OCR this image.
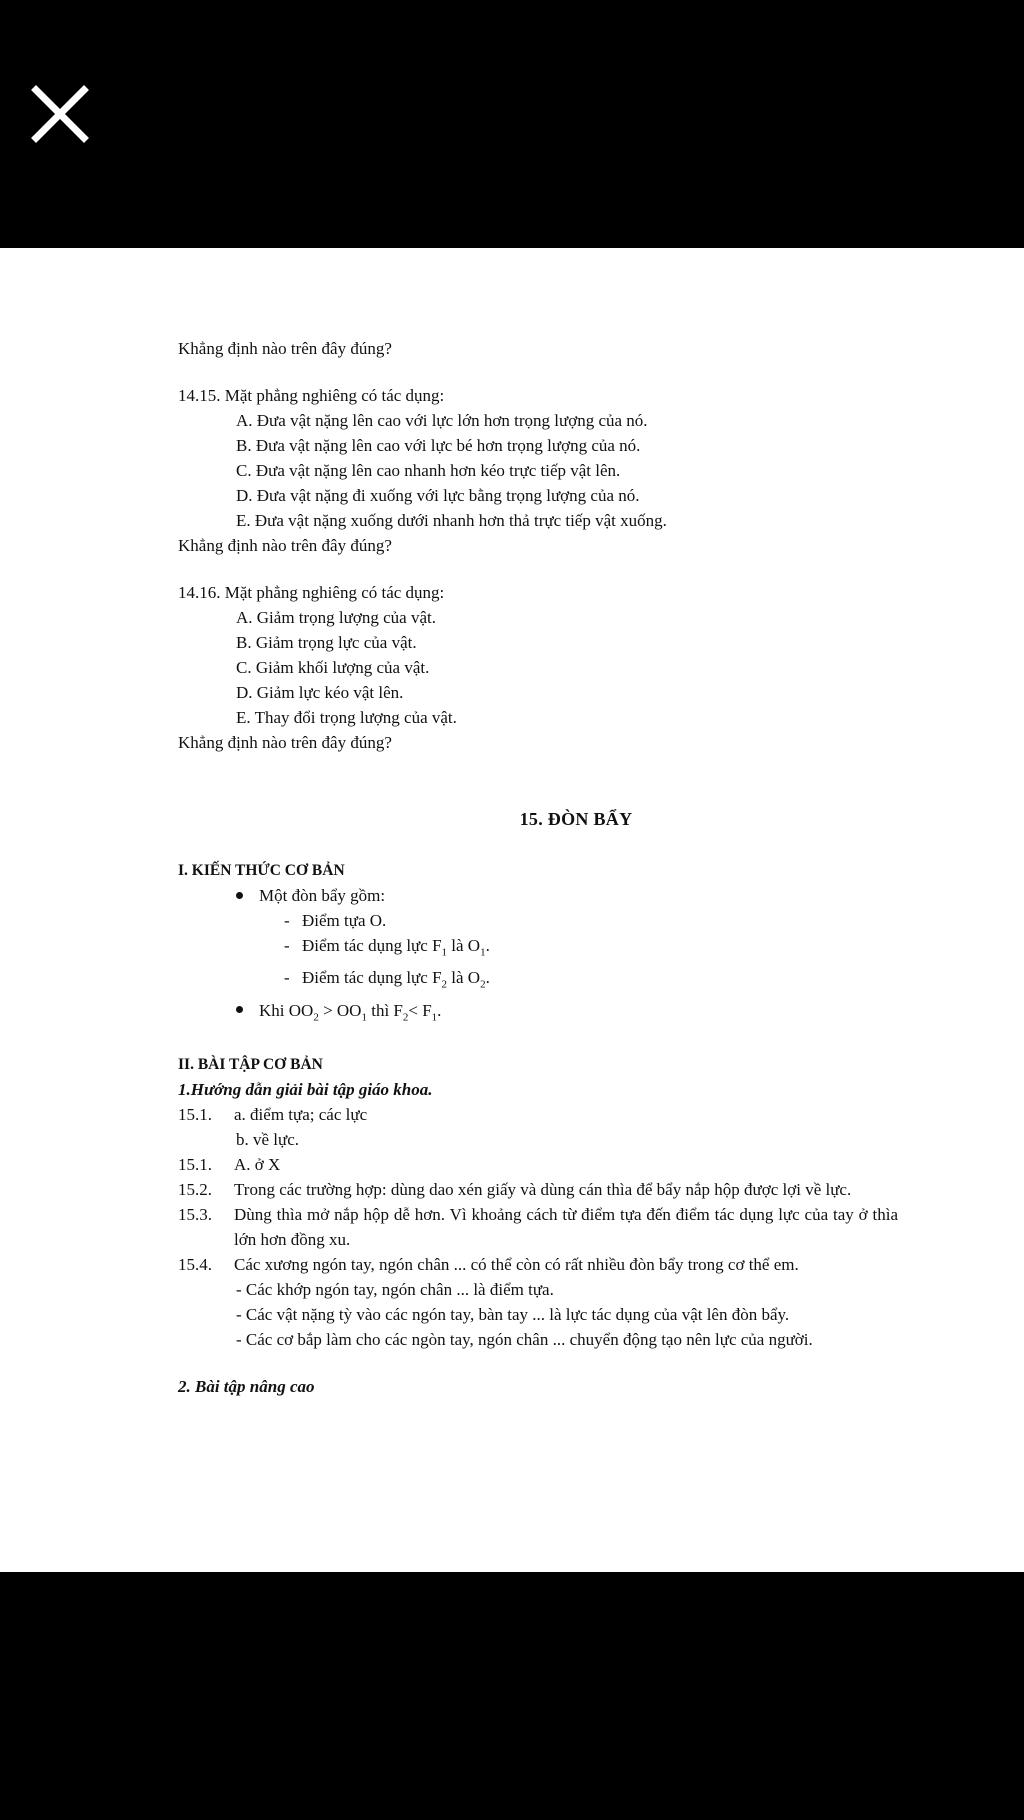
Khẳng định nào trên đây đúng?

14.15. Mặt phẳng nghiêng có tác dụng:

A. Đưa vật nặng lên cao với lực lớn hơn trọng lượng của nó.

B. Đưa vật nặng lên cao với lực bé hơn trọng lượng của nó.

C. Đưa vật nặng lên cao nhanh hơn kéo trực tiếp vật lên.

D. Đưa vật nặng đi xuống với lực bằng trọng lượng của nó.

E. Đưa vật nặng xuống dưới nhanh hơn thả trực tiếp vật xuống.

Khẳng định nào trên đây đúng?

14.16. Mặt phẳng nghiêng có tác dụng:

A. Giảm trọng lượng của vật.

B. Giảm trọng lực của vật.

C. Giảm khối lượng của vật.

D. Giảm lực kéo vật lên.

E. Thay đổi trọng lượng của vật.

Khẳng định nào trên đây đúng?

15. ĐÒN BẨY

I. KIẾN THỨC CƠ BẢN

Một đòn bẩy gồm:

- Điểm tựa O.

- Điểm tác dụng lực $F_1$ là $O_1$.

- Điểm tác dụng lực $F_2$ là $O_2$.

Khi $OO_2 > OO_1$ thì $F_2< F_1$.

II. BÀI TẬP CƠ BẢN

1.Hướng dẫn giải bài tập giáo khoa.

15.1.	a. điểm tựa; các lực

b. về lực.

15.1.	A. ở X
15.2.	Trong các trường hợp: dùng dao xén giấy và dùng cán thìa để bẩy nắp hộp được lợi về lực.
15.3.	Dùng thìa mở nắp hộp dễ hơn. Vì khoảng cách từ điểm tựa đến điểm tác dụng lực của tay ở thìa lớn hơn đồng xu.
15.4.	Các xương ngón tay, ngón chân ... có thể còn có rất nhiều đòn bẩy trong cơ thể em.

- Các khớp ngón tay, ngón chân ... là điểm tựa.

- Các vật nặng tỳ vào các ngón tay, bàn tay ... là lực tác dụng của vật lên đòn bẩy.

- Các cơ bắp làm cho các ngòn tay, ngón chân ... chuyển động tạo nên lực của người.

2. Bài tập nâng cao
